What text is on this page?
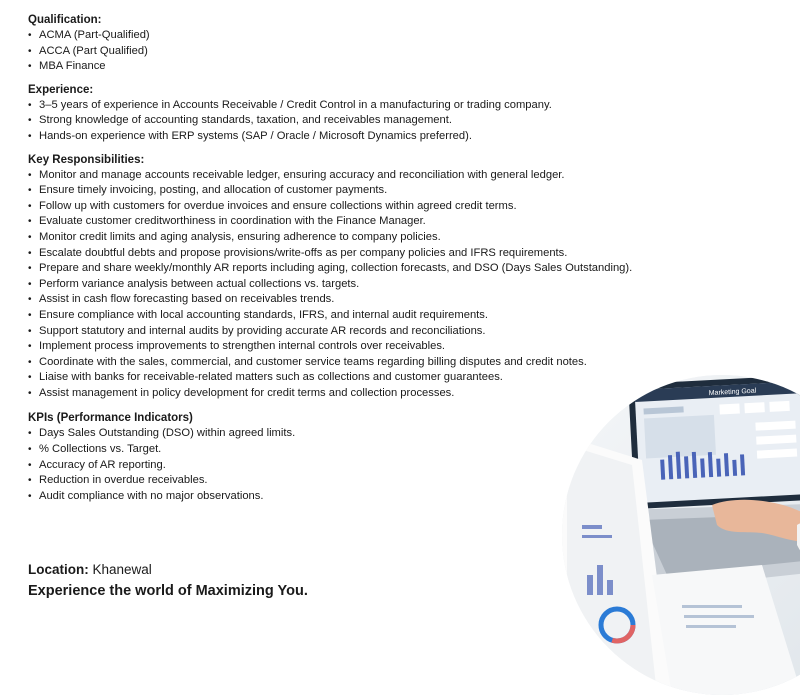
Qualification:

• ACMA (Part-Qualified)
• ACCA (Part Qualified)
• MBA Finance

Experience:

• 3–5 years of experience in Accounts Receivable / Credit Control in a manufacturing or trading company.
• Strong knowledge of accounting standards, taxation, and receivables management.
• Hands-on experience with ERP systems (SAP / Oracle / Microsoft Dynamics preferred).

Key Responsibilities:

• Monitor and manage accounts receivable ledger, ensuring accuracy and reconciliation with general ledger.
• Ensure timely invoicing, posting, and allocation of customer payments.
• Follow up with customers for overdue invoices and ensure collections within agreed credit terms.
• Evaluate customer creditworthiness in coordination with the Finance Manager.
• Monitor credit limits and aging analysis, ensuring adherence to company policies.
• Escalate doubtful debts and propose provisions/write-offs as per company policies and IFRS requirements.
• Prepare and share weekly/monthly AR reports including aging, collection forecasts, and DSO (Days Sales Outstanding).
• Perform variance analysis between actual collections vs. targets.
• Assist in cash flow forecasting based on receivables trends.
• Ensure compliance with local accounting standards, IFRS, and internal audit requirements.
• Support statutory and internal audits by providing accurate AR records and reconciliations.
• Implement process improvements to strengthen internal controls over receivables.
• Coordinate with the sales, commercial, and customer service teams regarding billing disputes and credit notes.
• Liaise with banks for receivable-related matters such as collections and customer guarantees.
• Assist management in policy development for credit terms and collection processes.

KPIs (Performance Indicators)

• Days Sales Outstanding (DSO) within agreed limits.
• % Collections vs. Target.
• Accuracy of AR reporting.
• Reduction in overdue receivables.
• Audit compliance with no major observations.
Location: Khanewal
Experience the world of Maximizing You.
Marketing Goal
